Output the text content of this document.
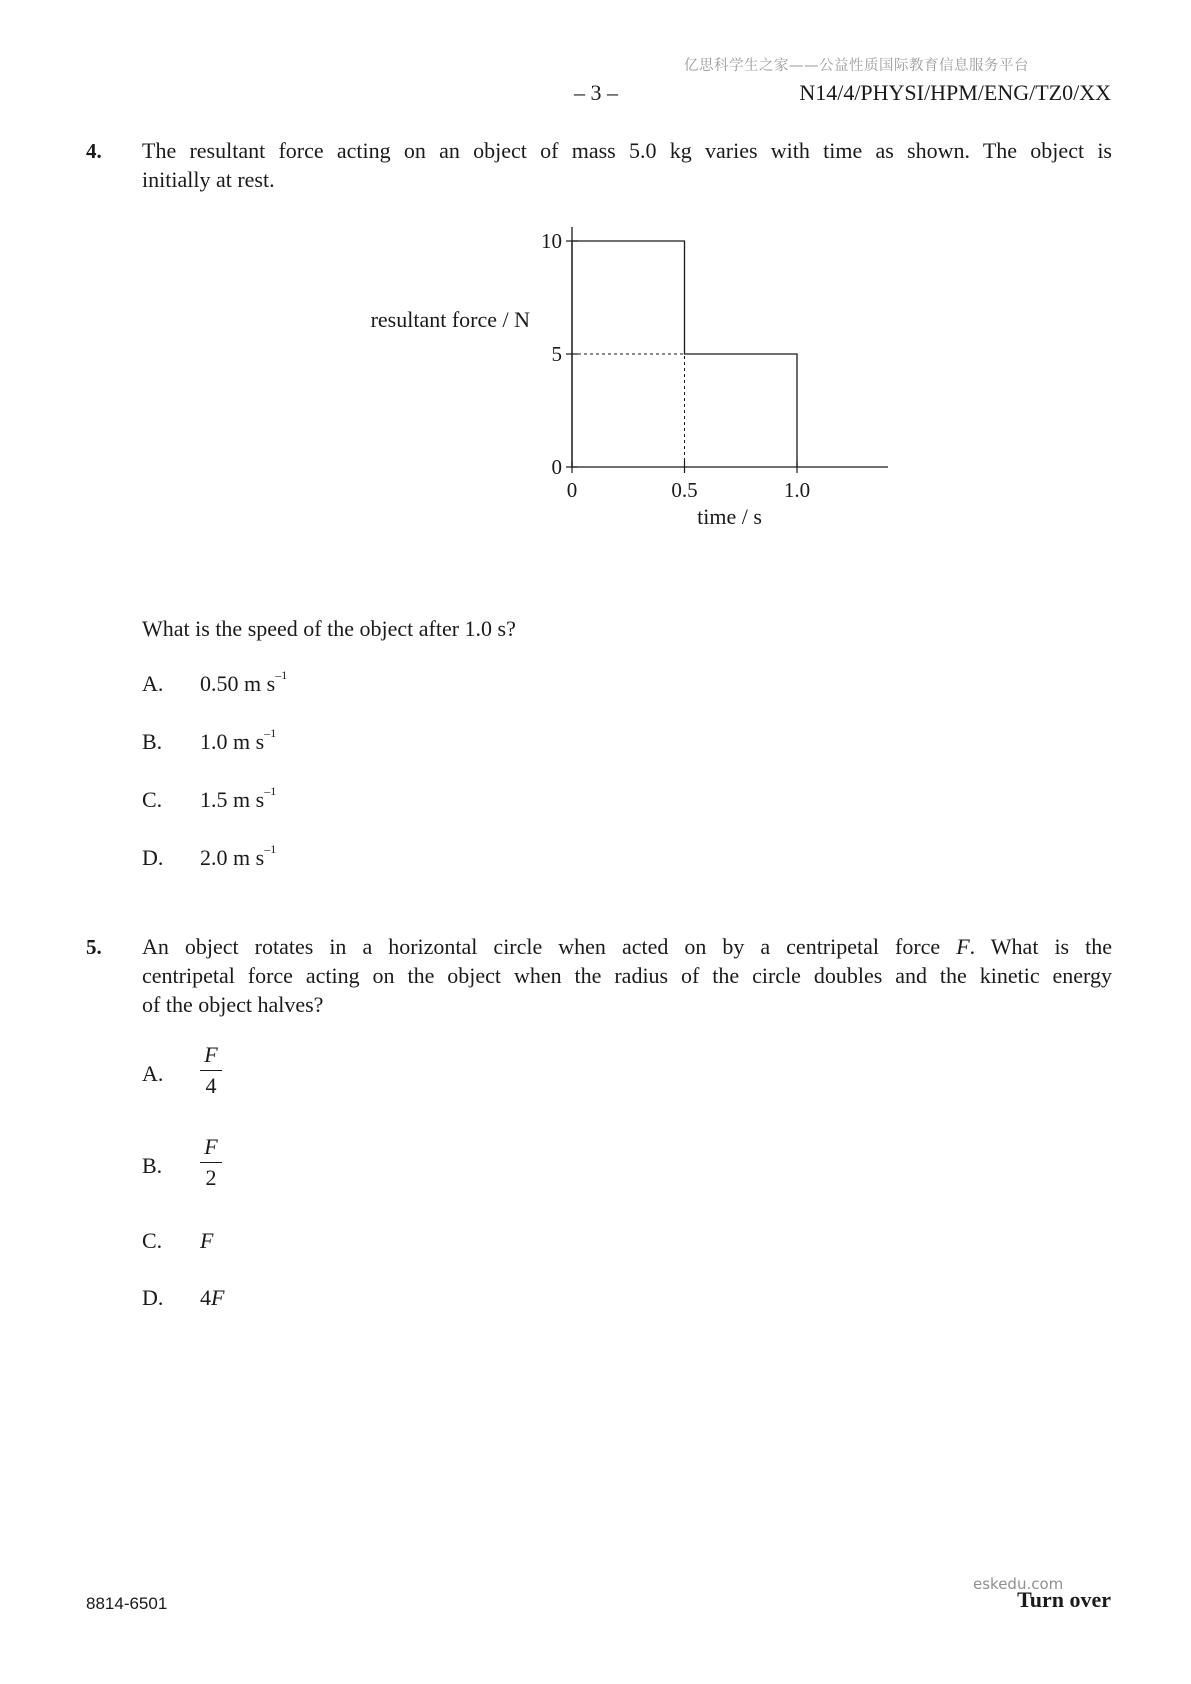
亿思科学生之家——公益性质国际教育信息服务平台
– 3 –	N14/4/PHYSI/HPM/ENG/TZ0/XX
4. The resultant force acting on an object of mass 5.0 kg varies with time as shown. The object is
initially at rest.
0
5
10
0	0.5	1.0
time / s
resultant force / N
What is the speed of the object after 1.0 s?
A. 0.50 m $s^{-1}$
B. 1.0 m $s^{-1}$
C. 1.5 m $s^{-1}$
D. 2.0 m $s^{-1}$
5. An object rotates in a horizontal circle when acted on by a centripetal force F. What is the
centripetal force acting on the object when the radius of the circle doubles and the kinetic energy
of the object halves?
A. $\frac{F}{4}$
B. $\frac{F}{2}$
C. F
D. 4F
8814-6501
eskedu.com
Turn over
